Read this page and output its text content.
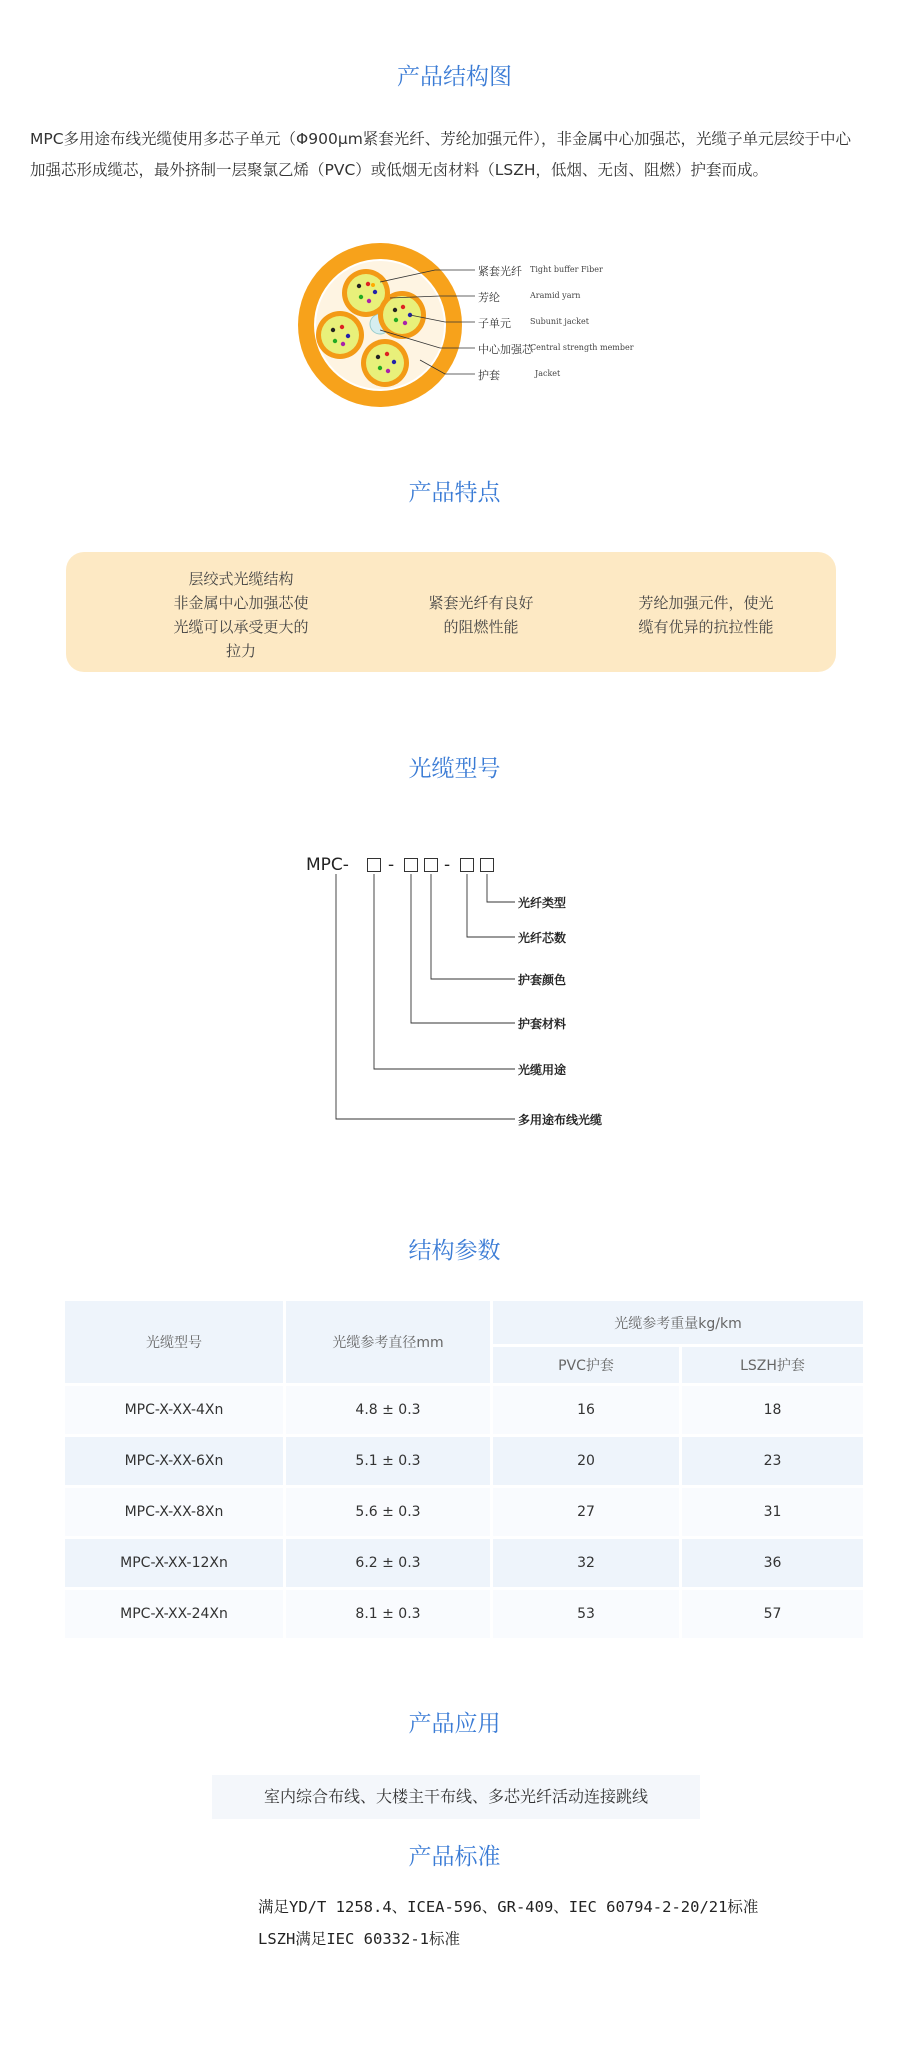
产品结构图
MPC多用途布线光缆使用多芯子单元（Φ900μm紧套光纤、芳纶加强元件），非金属中心加强芯，光缆子单元层绞于中心
加强芯形成缆芯，最外挤制一层聚氯乙烯（PVC）或低烟无卤材料（LSZH，低烟、无卤、阻燃）护套而成。
紧套光纤 Tight buffer Fiber
芳纶	Aramid yarn
子单元 Subunit jacket
中心加强芯
Central strength member
护套	Jacket
产品特点
层绞式光缆结构
非金属中心加强芯使
光缆可以承受更大的
拉力
紧套光纤有良好
的阻燃性能
芳纶加强元件，使光
缆有优异的抗拉性能
光缆型号
MPC- -	-
光纤类型
光纤芯数
护套颜色
护套材料
光缆用途
多用途布线光缆
结构参数
光缆型号	光缆参考直径mm	光缆参考重量kg/km	
		PVC护套	LSZH护套
MPC-X-XX-4Xn	4.8 ± 0.3	16	18
MPC-X-XX-6Xn	5.1 ± 0.3	20	23
MPC-X-XX-8Xn	5.6 ± 0.3	27	31
MPC-X-XX-12Xn	6.2 ± 0.3	32	36
MPC-X-XX-24Xn	8.1 ± 0.3	53	57
产品应用
室内综合布线、大楼主干布线、多芯光纤活动连接跳线
产品标准
满足YD/T 1258.4、ICEA-596、GR-409、IEC 60794-2-20/21标准
LSZH满足IEC 60332-1标准
